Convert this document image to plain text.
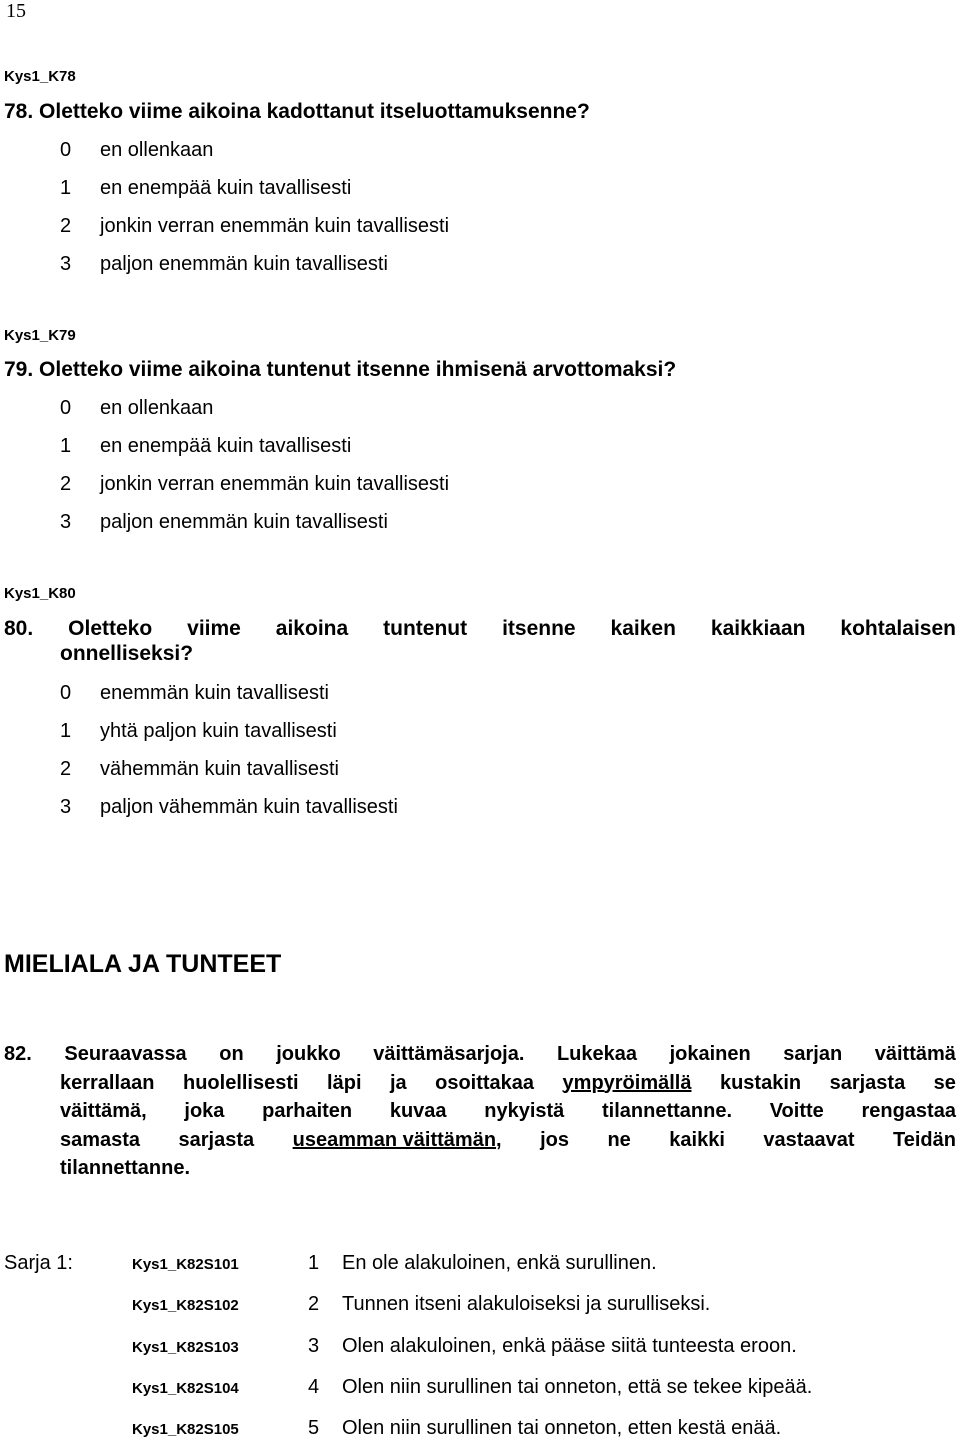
15
Kys1_K78
78. Oletteko viime aikoina kadottanut itseluottamuksenne?
0 en ollenkaan
1 en enempää kuin tavallisesti
2 jonkin verran enemmän kuin tavallisesti
3 paljon enemmän kuin tavallisesti
Kys1_K79
79. Oletteko viime aikoina tuntenut itsenne ihmisenä arvottomaksi?
0 en ollenkaan
1 en enempää kuin tavallisesti
2 jonkin verran enemmän kuin tavallisesti
3 paljon enemmän kuin tavallisesti
Kys1_K80
80. Oletteko viime aikoina tuntenut itsenne kaiken kaikkiaan kohtalaisen
onnelliseksi?
0 enemmän kuin tavallisesti
1 yhtä paljon kuin tavallisesti
2 vähemmän kuin tavallisesti
3 paljon vähemmän kuin tavallisesti
MIELIALA JA TUNTEET
82. Seuraavassa on joukko väittämäsarjoja. Lukekaa jokainen sarjan väittämä
kerrallaan huolellisesti läpi ja osoittakaa ympyröimällä kustakin sarjasta se
väittämä, joka parhaiten kuvaa nykyistä tilannettanne. Voitte rengastaa
samasta sarjasta useamman väittämän, jos ne kaikki vastaavat Teidän
tilannettanne.
Sarja 1:	Kys1_K82S101	1 En ole alakuloinen, enkä surullinen.
Kys1_K82S102	2 Tunnen itseni alakuloiseksi ja surulliseksi.
Kys1_K82S103	3 Olen alakuloinen, enkä pääse siitä tunteesta eroon.
Kys1_K82S104	4 Olen niin surullinen tai onneton, että se tekee kipeää.
Kys1_K82S105	5 Olen niin surullinen tai onneton, etten kestä enää.
